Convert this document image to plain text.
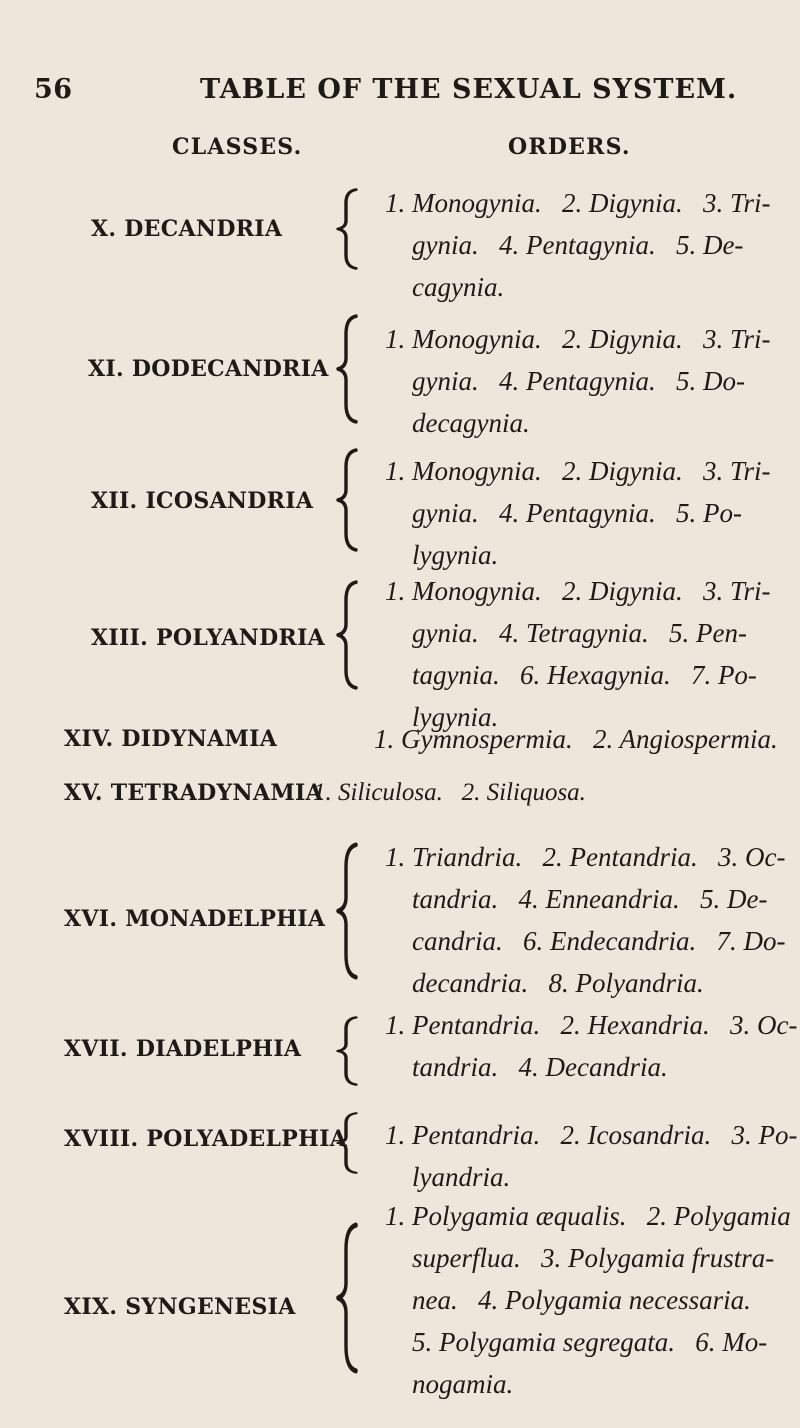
56	TABLE OF THE SEXUAL SYSTEM.
CLASSES.	ORDERS.
X. DECANDRIA
1. Monogynia.   2. Digynia.   3. Tri-
gynia.   4. Pentagynia.   5. De-
cagynia.
XI. DODECANDRIA
1. Monogynia.   2. Digynia.   3. Tri-
gynia.   4. Pentagynia.   5. Do-
decagynia.
XII. ICOSANDRIA
1. Monogynia.   2. Digynia.   3. Tri-
gynia.   4. Pentagynia.   5. Po-
lygynia.
XIII. POLYANDRIA
1. Monogynia.   2. Digynia.   3. Tri-
gynia.   4. Tetragynia.   5. Pen-
tagynia.   6. Hexagynia.   7. Po-
lygynia.
XIV. DIDYNAMIA	1. Gymnospermia.   2. Angiospermia.
XV. TETRADYNAMIA
1. Siliculosa.   2. Siliquosa.
XVI. MONADELPHIA
1. Triandria.   2. Pentandria.   3. Oc-
tandria.   4. Enneandria.   5. De-
candria.   6. Endecandria.   7. Do-
decandria.   8. Polyandria.
XVII. DIADELPHIA
1. Pentandria.   2. Hexandria.   3. Oc-
tandria.   4. Decandria.
XVIII. POLYADELPHIA 1. Pentandria.   2. Icosandria.   3. Po-
lyandria.
XIX. SYNGENESIA
1. Polygamia æqualis.   2. Polygamia
superflua.   3. Polygamia frustra-
nea.   4. Polygamia necessaria.
5. Polygamia segregata.   6. Mo-
nogamia.
